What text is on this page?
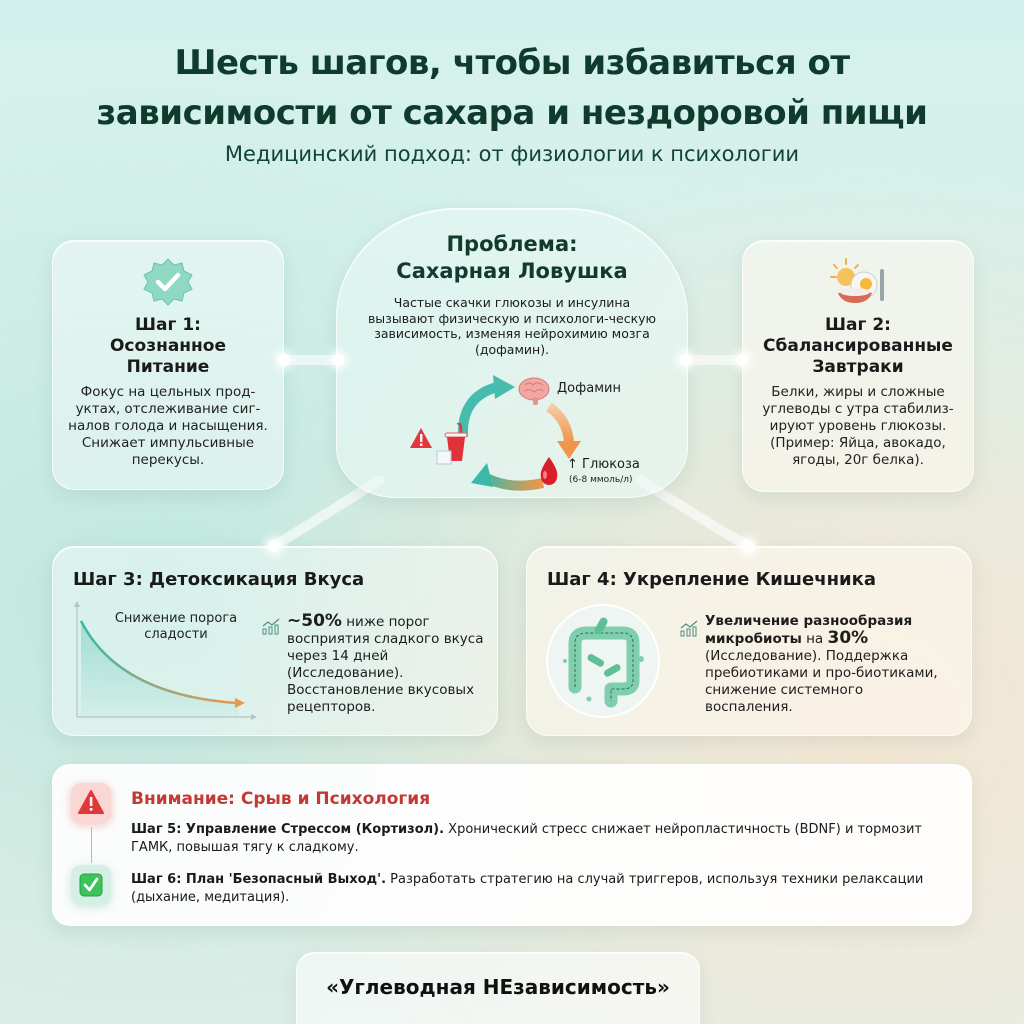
Шесть шагов, чтобы избавиться от
зависимости от сахара и нездоровой пищи
Медицинский подход: от физиологии к психологии
Шаг 1:
Осознанное
Питание
Фокус на цельных прод-уктах, отслеживание сиг-налов голода и насыщения. Снижает импульсивные перекусы.
Шаг 2:
Сбалансированные
Завтраки
Белки, жиры и сложные углеводы с утра стабилиз-ируют уровень глюкозы. (Пример: Яйца, авокадо, ягоды, 20г белка).
Проблема:
Сахарная Ловушка
Частые скачки глюкозы и инсулина вызывают физическую и психологи-ческую зависимость, изменяя нейрохимию мозга (дофамин).
Дофамин
↑ Глюкоза
(6-8 ммоль/л)
Шаг 3: Детоксикация Вкуса
Снижение порога сладости
~50% ниже порог восприятия сладкого вкуса через 14 дней (Исследование). Восстановление вкусовых рецепторов.
Шаг 4: Укрепление Кишечника
Увеличение разнообразия микробиоты на 30% (Исследование). Поддержка пребиотиками и про-биотиками, снижение системного воспаления.
Внимание: Срыв и Психология
Шаг 5: Управление Стрессом (Кортизол). Хронический стресс снижает нейропластичность (BDNF) и тормозит ГАМК, повышая тягу к сладкому.
Шаг 6: План 'Безопасный Выход'. Разработать стратегию на случай триггеров, используя техники релаксации (дыхание, медитация).
«Углеводная НЕзависимость»
